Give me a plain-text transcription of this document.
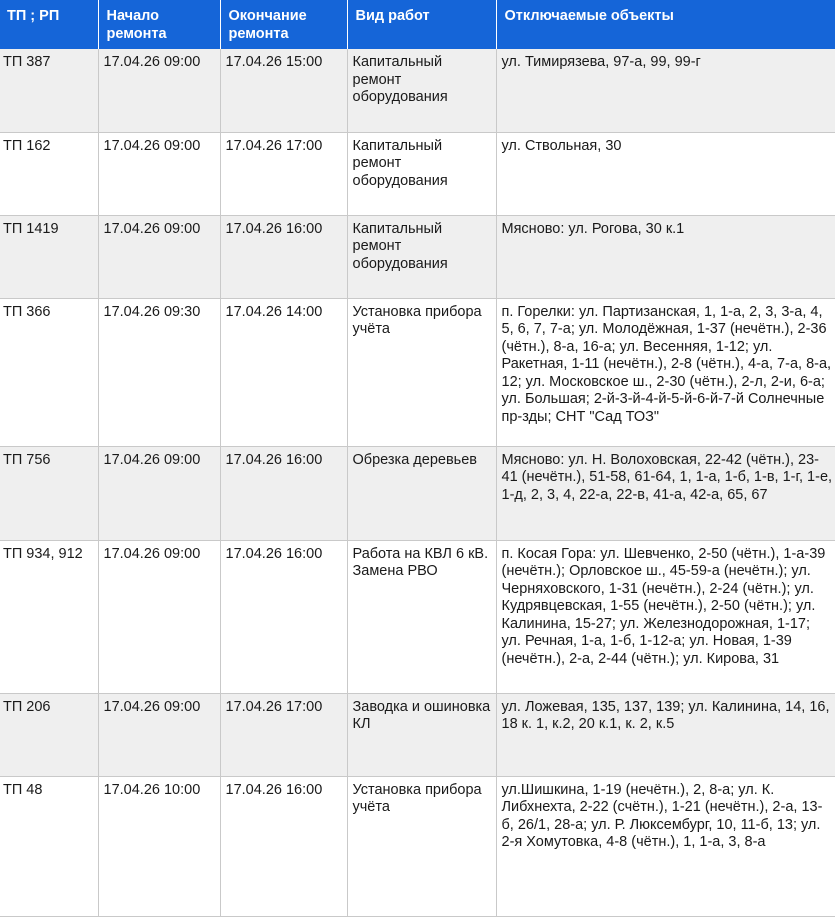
ТП ; РП	Начало ремонта	Окончание ремонта	Вид работ	Отключаемые объекты
ТП 387	17.04.26 09:00	17.04.26 15:00	Капитальный ремонт оборудования	ул. Тимирязева, 97-а, 99, 99-г
ТП 162	17.04.26 09:00	17.04.26 17:00	Капитальный ремонт оборудования	ул. Ствольная, 30
ТП 1419	17.04.26 09:00	17.04.26 16:00	Капитальный ремонт оборудования	Мясново: ул. Рогова, 30 к.1
ТП 366	17.04.26 09:30	17.04.26 14:00	Установка прибора учёта	п. Горелки: ул. Партизанская, 1, 1-а, 2, 3, 3-а, 4, 5, 6, 7, 7-а; ул. Молодёжная, 1-37 (нечётн.), 2-36 (чётн.), 8-а, 16-а; ул. Весенняя, 1-12; ул. Ракетная, 1-11 (нечётн.), 2-8 (чётн.), 4-а, 7-а, 8-а, 12; ул. Московское ш., 2-30 (чётн.), 2-л, 2-и, 6-а; ул. Большая; 2-й-3-й-4-й-5-й-6-й-7-й Солнечные пр-зды; СНТ "Сад ТОЗ"
ТП 756	17.04.26 09:00	17.04.26 16:00	Обрезка деревьев	Мясново: ул. Н. Волоховская, 22-42 (чётн.), 23-41 (нечётн.), 51-58, 61-64, 1, 1-а, 1-б, 1-в, 1-г, 1-е, 1-д, 2, 3, 4, 22-а, 22-в, 41-а, 42-а, 65, 67
ТП 934, 912	17.04.26 09:00	17.04.26 16:00	Работа на КВЛ 6 кВ. Замена РВО	п. Косая Гора: ул. Шевченко, 2-50 (чётн.), 1-а-39 (нечётн.); Орловское ш., 45-59-а (нечётн.); ул. Черняховского, 1-31 (нечётн.), 2-24 (чётн.); ул. Кудрявцевская, 1-55 (нечётн.), 2-50 (чётн.); ул. Калинина, 15-27; ул. Железнодорожная, 1-17; ул. Речная, 1-а, 1-б, 1-12-а; ул. Новая, 1-39 (нечётн.), 2-а, 2-44 (чётн.); ул. Кирова, 31
ТП 206	17.04.26 09:00	17.04.26 17:00	Заводка и ошиновка КЛ	ул. Ложевая, 135, 137, 139; ул. Калинина, 14, 16, 18 к. 1, к.2, 20 к.1, к. 2, к.5
ТП 48	17.04.26 10:00	17.04.26 16:00	Установка прибора учёта	ул.Шишкина, 1-19 (нечётн.), 2, 8-а; ул. К. Либхнехта, 2-22 (счётн.), 1-21 (нечётн.), 2-а, 13-б, 26/1, 28-а; ул. Р. Люксембург, 10, 11-б, 13; ул. 2-я Хомутовка, 4-8 (чётн.), 1, 1-а, 3, 8-а
